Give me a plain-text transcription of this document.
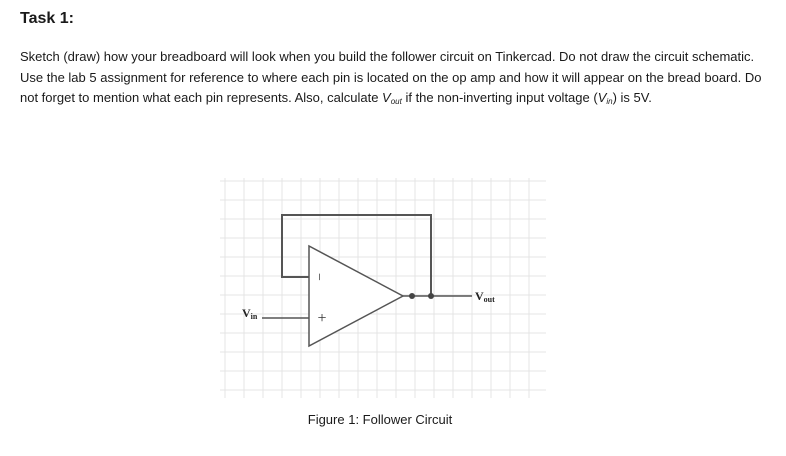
Task 1:

Sketch (draw) how your breadboard will look when you build the follower circuit on Tinkercad. Do not draw the circuit schematic. Use the lab 5 assignment for reference to where each pin is located on the op amp and how it will appear on the bread board. Do not forget to mention what each pin represents. Also, calculate $V_{out}$ if the non-inverting input voltage $(V_{in})$ is 5V.

−
+
Vin
Vout

Figure 1: Follower Circuit
